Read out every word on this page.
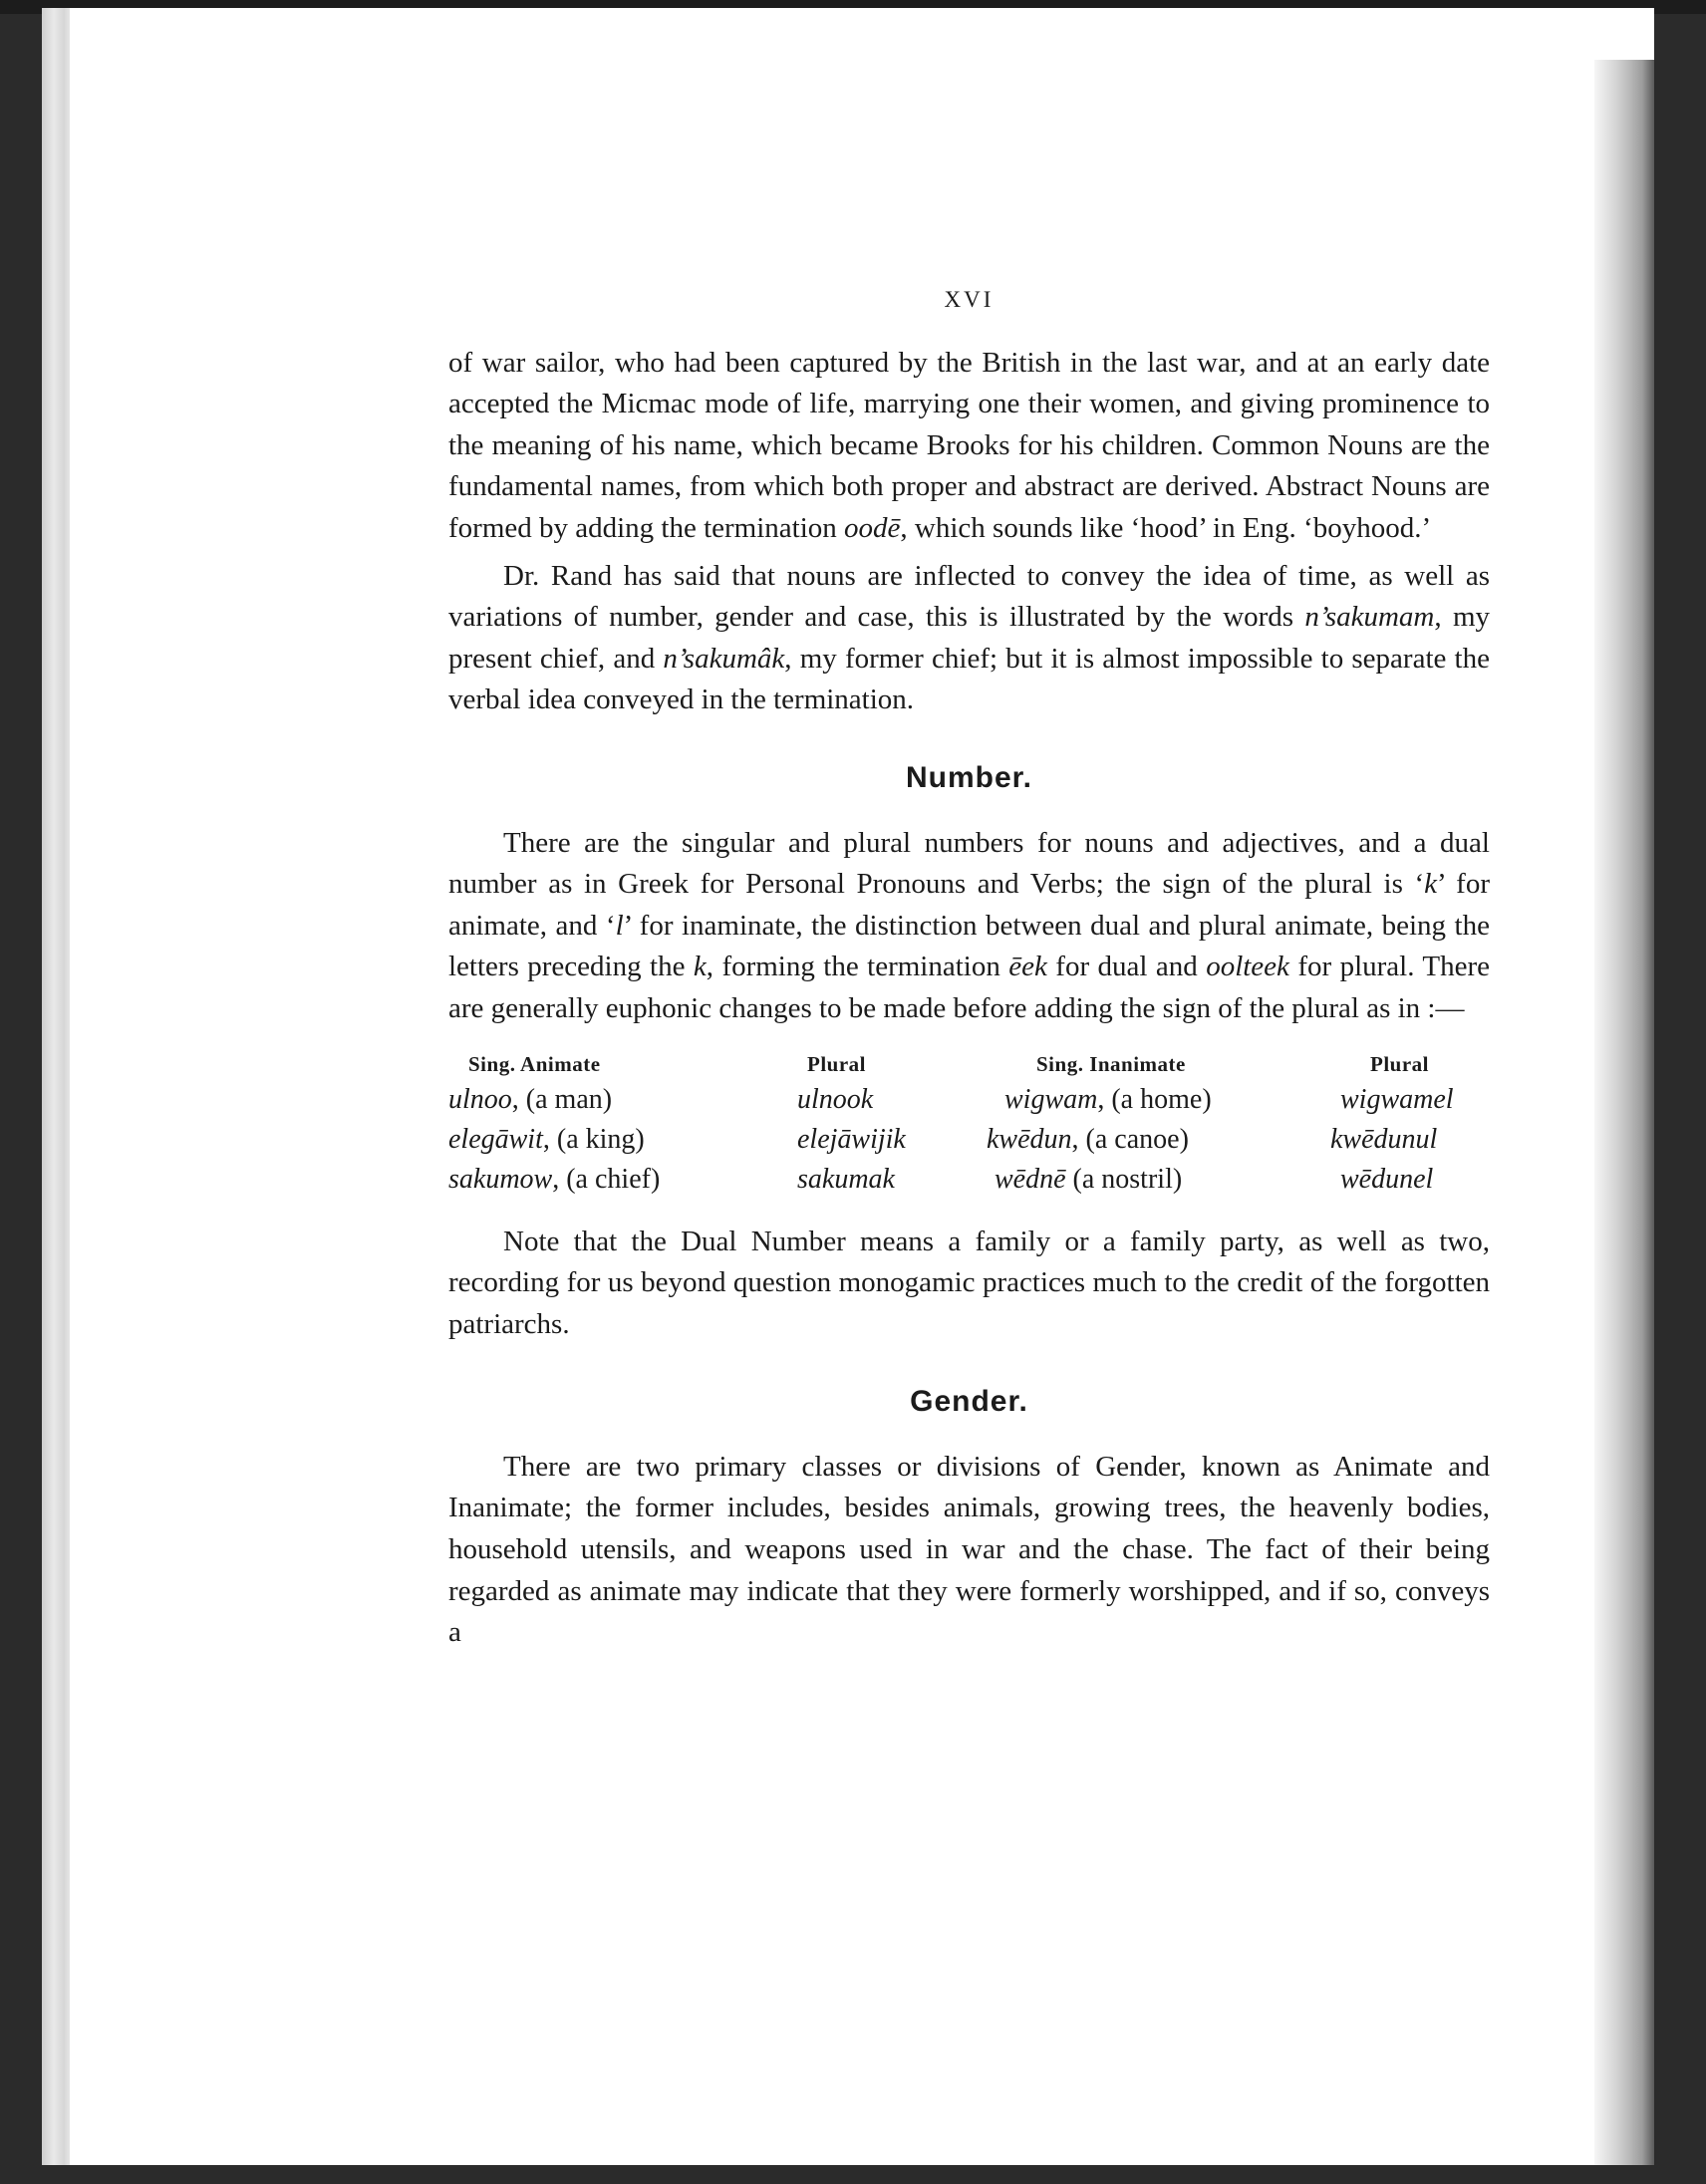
XVI

of war sailor, who had been captured by the British in the last war, and at an early date accepted the Micmac mode of life, marrying one their women, and giving prominence to the meaning of his name, which became Brooks for his children. Common Nouns are the fundamental names, from which both proper and abstract are derived. Abstract Nouns are formed by adding the termination oodē, which sounds like ‘hood’ in Eng. ‘boyhood.’

Dr. Rand has said that nouns are inflected to convey the idea of time, as well as variations of number, gender and case, this is illustrated by the words n’sakumam, my present chief, and n’sakumâk, my former chief; but it is almost impossible to separate the verbal idea conveyed in the termination.

Number.

There are the singular and plural numbers for nouns and adjectives, and a dual number as in Greek for Personal Pronouns and Verbs; the sign of the plural is ‘k’ for animate, and ‘l’ for inaminate, the distinction between dual and plural animate, being the letters preceding the k, forming the termination ēek for dual and oolteek for plural. There are generally euphonic changes to be made before adding the sign of the plural as in :—

Sing. Animate
ulnoo, (a man)
elegāwit, (a king)
sakumow, (a chief)
Plural
ulnook
elejāwijik
sakumak
Sing. Inanimate
wigwam, (a home)
kwēdun, (a canoe)
wēdnē (a nostril)
Plural
wigwamel
kwēdunul
wēdunel

Note that the Dual Number means a family or a family party, as well as two, recording for us beyond question monogamic practices much to the credit of the forgotten patriarchs.

Gender.

There are two primary classes or divisions of Gender, known as Animate and Inanimate; the former includes, besides animals, growing trees, the heavenly bodies, household utensils, and weapons used in war and the chase. The fact of their being regarded as animate may indicate that they were formerly worshipped, and if so, conveys a
